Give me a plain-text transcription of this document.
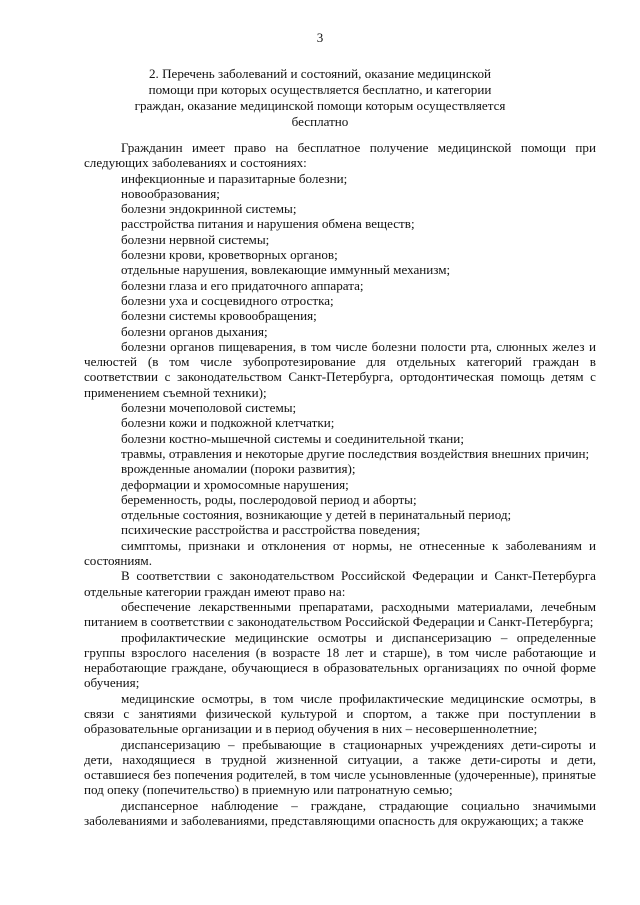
3
2. Перечень заболеваний и состояний, оказание медицинской
помощи при которых осуществляется бесплатно, и категории
граждан, оказание медицинской помощи которым осуществляется
бесплатно

Гражданин имеет право на бесплатное получение медицинской помощи при следующих заболеваниях и состояниях:

инфекционные и паразитарные болезни;

новообразования;

болезни эндокринной системы;

расстройства питания и нарушения обмена веществ;

болезни нервной системы;

болезни крови, кроветворных органов;

отдельные нарушения, вовлекающие иммунный механизм;

болезни глаза и его придаточного аппарата;

болезни уха и сосцевидного отростка;

болезни системы кровообращения;

болезни органов дыхания;

болезни органов пищеварения, в том числе болезни полости рта, слюнных желез и челюстей (в том числе зубопротезирование для отдельных категорий граждан в соответствии с законодательством Санкт-Петербурга, ортодонтическая помощь детям с применением съемной техники);

болезни мочеполовой системы;

болезни кожи и подкожной клетчатки;

болезни костно-мышечной системы и соединительной ткани;

травмы, отравления и некоторые другие последствия воздействия внешних причин;

врожденные аномалии (пороки развития);

деформации и хромосомные нарушения;

беременность, роды, послеродовой период и аборты;

отдельные состояния, возникающие у детей в перинатальный период;

психические расстройства и расстройства поведения;

симптомы, признаки и отклонения от нормы, не отнесенные к заболеваниям и состояниям.

В соответствии с законодательством Российской Федерации и Санкт-Петербурга отдельные категории граждан имеют право на:

обеспечение лекарственными препаратами, расходными материалами, лечебным питанием в соответствии с законодательством Российской Федерации и Санкт-Петербурга;

профилактические медицинские осмотры и диспансеризацию – определенные группы взрослого населения (в возрасте 18 лет и старше), в том числе работающие и неработающие граждане, обучающиеся в образовательных организациях по очной форме обучения;

медицинские осмотры, в том числе профилактические медицинские осмотры, в связи с занятиями физической культурой и спортом, а также при поступлении в образовательные организации и в период обучения в них – несовершеннолетние;

диспансеризацию – пребывающие в стационарных учреждениях дети-сироты и дети, находящиеся в трудной жизненной ситуации, а также дети-сироты и дети, оставшиеся без попечения родителей, в том числе усыновленные (удочеренные), принятые под опеку (попечительство) в приемную или патронатную семью;

диспансерное наблюдение – граждане, страдающие социально значимыми заболеваниями и заболеваниями, представляющими опасность для окружающих; а также
